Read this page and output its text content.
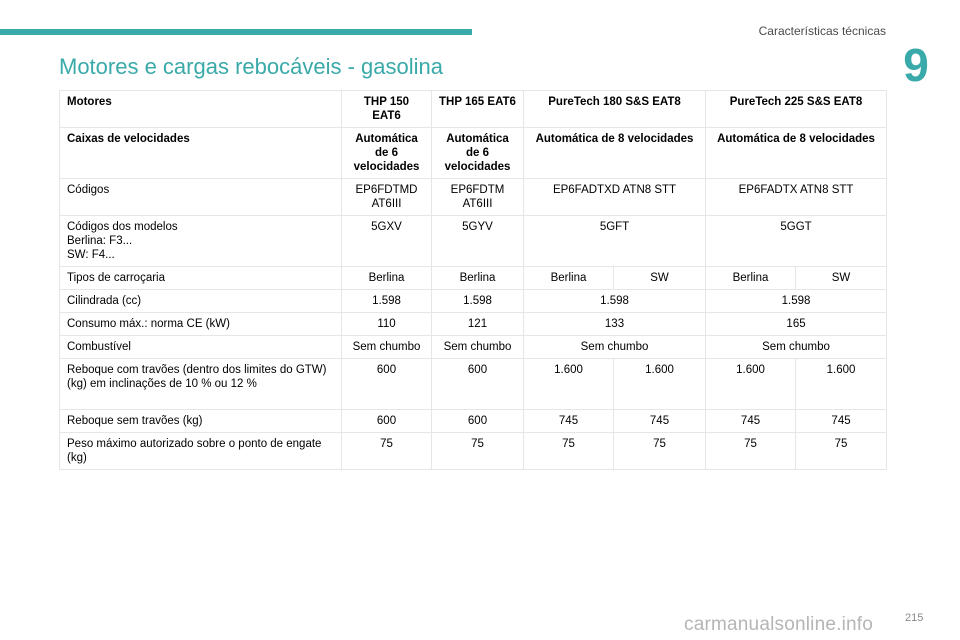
Características técnicas
9
Motores e cargas rebocáveis - gasolina
Motores	THP 150 EAT6	THP 165 EAT6	PureTech 180 S&S EAT8		PureTech 225 S&S EAT8	
Caixas de velocidades	Automática de 6 velocidades	Automática de 6 velocidades	Automática de 8 velocidades		Automática de 8 velocidades	
Códigos	EP6FDTMD AT6III	EP6FDTM AT6III	EP6FADTXD ATN8 STT		EP6FADTX ATN8 STT	

Códigos dos modelos
Berlina: F3...
SW: F4...	5GXV	5GYV	5GFT		5GGT	
Tipos de carroçaria	Berlina	Berlina	Berlina	SW	Berlina	SW
Cilindrada (cc)	1.598	1.598	1.598		1.598	
Consumo máx.: norma CE (kW)	110	121	133		165	
Combustível	Sem chumbo	Sem chumbo	Sem chumbo		Sem chumbo	
Reboque com travões (dentro dos limites do GTW) (kg) em inclinações de 10 % ou 12 %	600	600	1.600	1.600	1.600	1.600
Reboque sem travões (kg)	600	600	745	745	745	745
Peso máximo autorizado sobre o ponto de engate (kg)	75	75	75	75	75	75
215
carmanualsonline.info
